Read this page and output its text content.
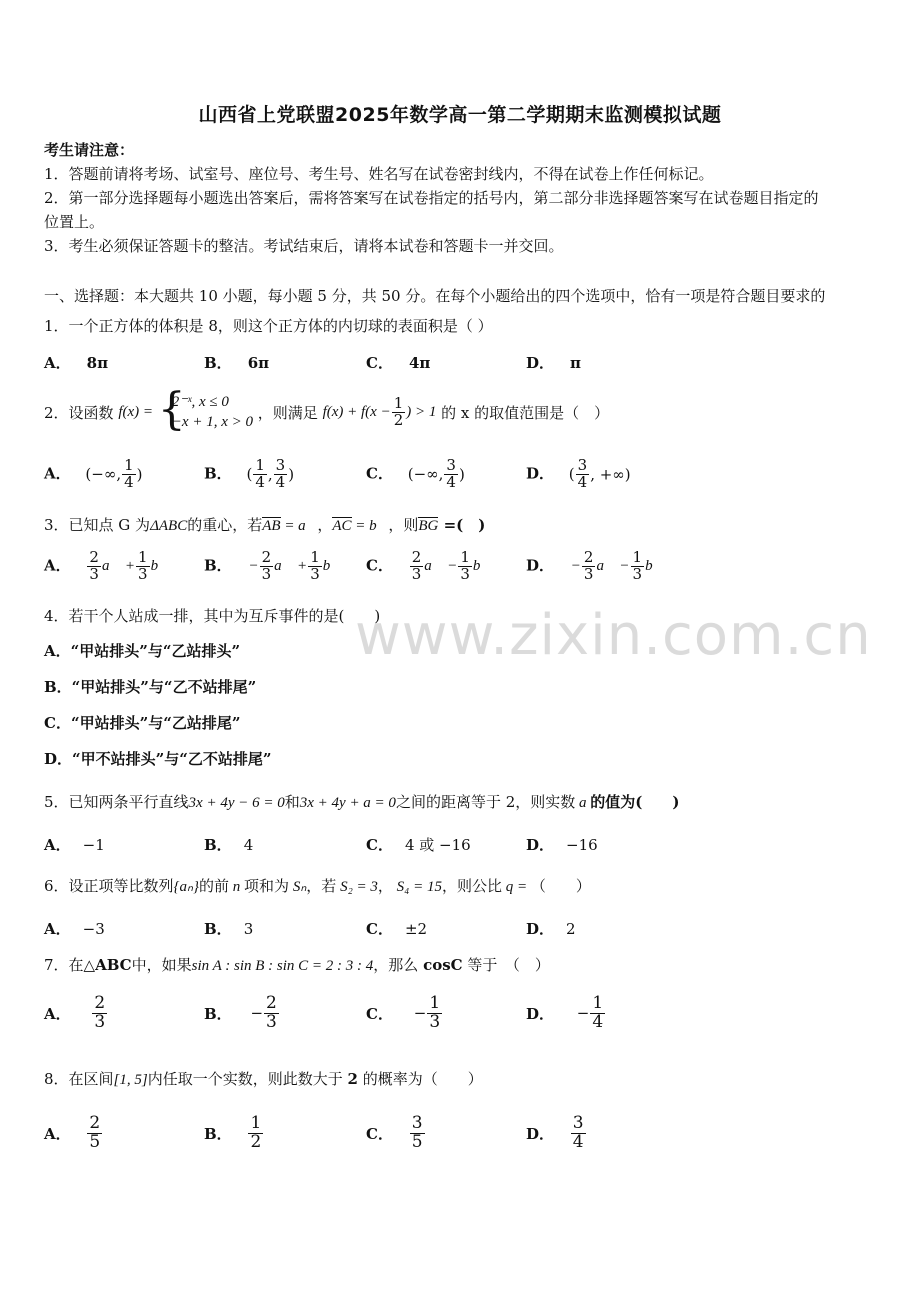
山西省上党联盟2025年数学高一第二学期期末监测模拟试题
考生请注意：
1．答题前请将考场、试室号、座位号、考生号、姓名写在试卷密封线内，不得在试卷上作任何标记。
2．第一部分选择题每小题选出答案后，需将答案写在试卷指定的括号内，第二部分非选择题答案写在试卷题目指定的
位置上。
3．考生必须保证答题卡的整洁。考试结束后，请将本试卷和答题卡一并交回。
一、选择题：本大题共 10 小题，每小题 5 分，共 50 分。在每个小题给出的四个选项中，恰有一项是符合题目要求的
1．一个正方体的体积是 8，则这个正方体的内切球的表面积是（ ）
A． 8π	B． 6π	C． 4π	D． π
2．设函数 f(x) = {
2⁻ˣ, x ≤ 0
−x + 1, x > 0
，则满足 $f(x) + f(x - \frac{1}{2}$ ) > 1 的 x 的取值范围是（　）
A． (−∞, $\frac{1}{4}$ )	B． ( $\frac{1}{4}$ , $\frac{3}{4}$ )	C． (−∞, $\frac{3}{4}$ )	D． ( $\frac{3}{4}$ , +∞)
3．已知点 G 为ΔABC的重心，若AB = a⃗，AC = b⃗，则BG =(　)
A． $\frac{2}{3}$ a⃗ + $\frac{1}{3}$ b⃗ B． − $\frac{2}{3}$ a⃗ + $\frac{1}{3}$ b⃗ C． $\frac{2}{3}$ a⃗ − $\frac{1}{3}$ b⃗ D． − $\frac{2}{3}$ a⃗ − $\frac{1}{3}$ b⃗
4．若干个人站成一排，其中为互斥事件的是(　　)
A．“甲站排头”与“乙站排头”
B．“甲站排头”与“乙不站排尾”
C．“甲站排头”与“乙站排尾”
D．“甲不站排头”与“乙不站排尾”
www.zixin.com.cn
5．已知两条平行直线3x + 4y − 6 = 0和3x + 4y + a = 0之间的距离等于 2，则实数 a 的值为(　　)
A． −1	B． 4	C． 4 或 −16	D． −16
6．设正项等比数列{aₙ}的前 n 项和为 Sₙ，若 S₂ = 3， S₄ = 15，则公比 q = （　　）
A． −3	B． 3	C． ±2	D． 2
7．在△ABC中，如果sin A : sin B : sin C = 2 : 3 : 4，那么 cosC 等于　（　）
A． $\frac{2}{3}$	B． − $\frac{2}{3}$	C． − $\frac{1}{3}$	D． − $\frac{1}{4}$
8．在区间[1, 5]内任取一个实数，则此数大于 2 的概率为（　　）
A． $\frac{2}{5}$	B． $\frac{1}{2}$	C． $\frac{3}{5}$	D． $\frac{3}{4}$
